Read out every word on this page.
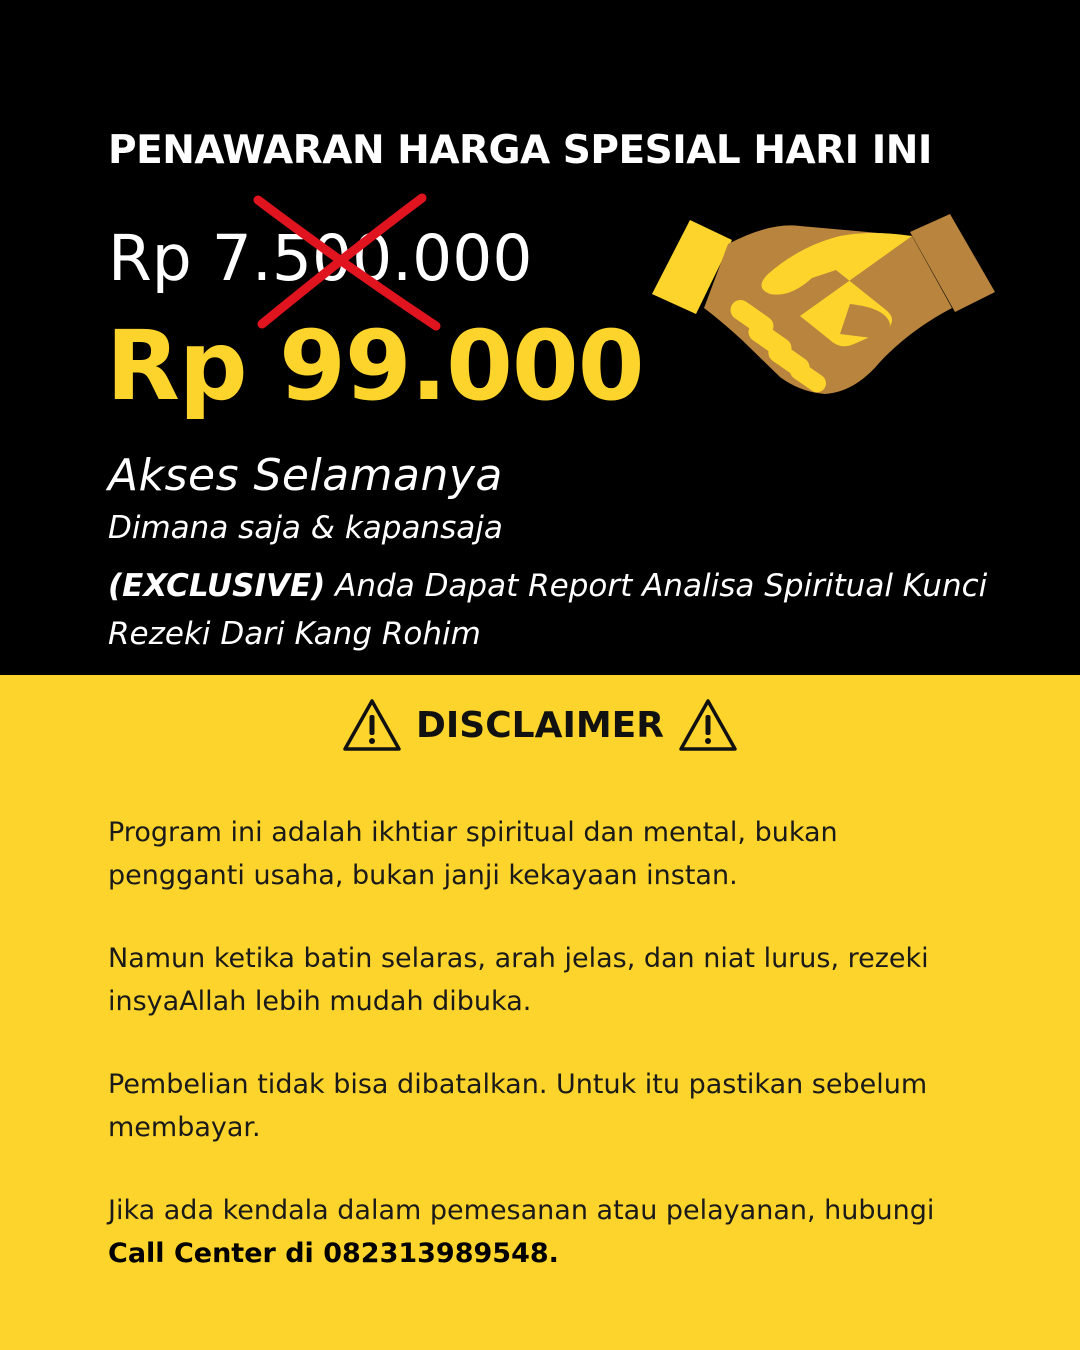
PENAWARAN HARGA SPESIAL HARI INI
Rp 7.500.000
Rp 99.000
Akses Selamanya
Dimana saja & kapansaja
(EXCLUSIVE) Anda Dapat Report Analisa Spiritual Kunci Rezeki Dari Kang Rohim
DISCLAIMER
Program ini adalah ikhtiar spiritual dan mental, bukan pengganti usaha, bukan janji kekayaan instan.
Namun ketika batin selaras, arah jelas, dan niat lurus, rezeki insyaAllah lebih mudah dibuka.
Pembelian tidak bisa dibatalkan. Untuk itu pastikan sebelum membayar.
Jika ada kendala dalam pemesanan atau pelayanan, hubungi Call Center di 082313989548.
